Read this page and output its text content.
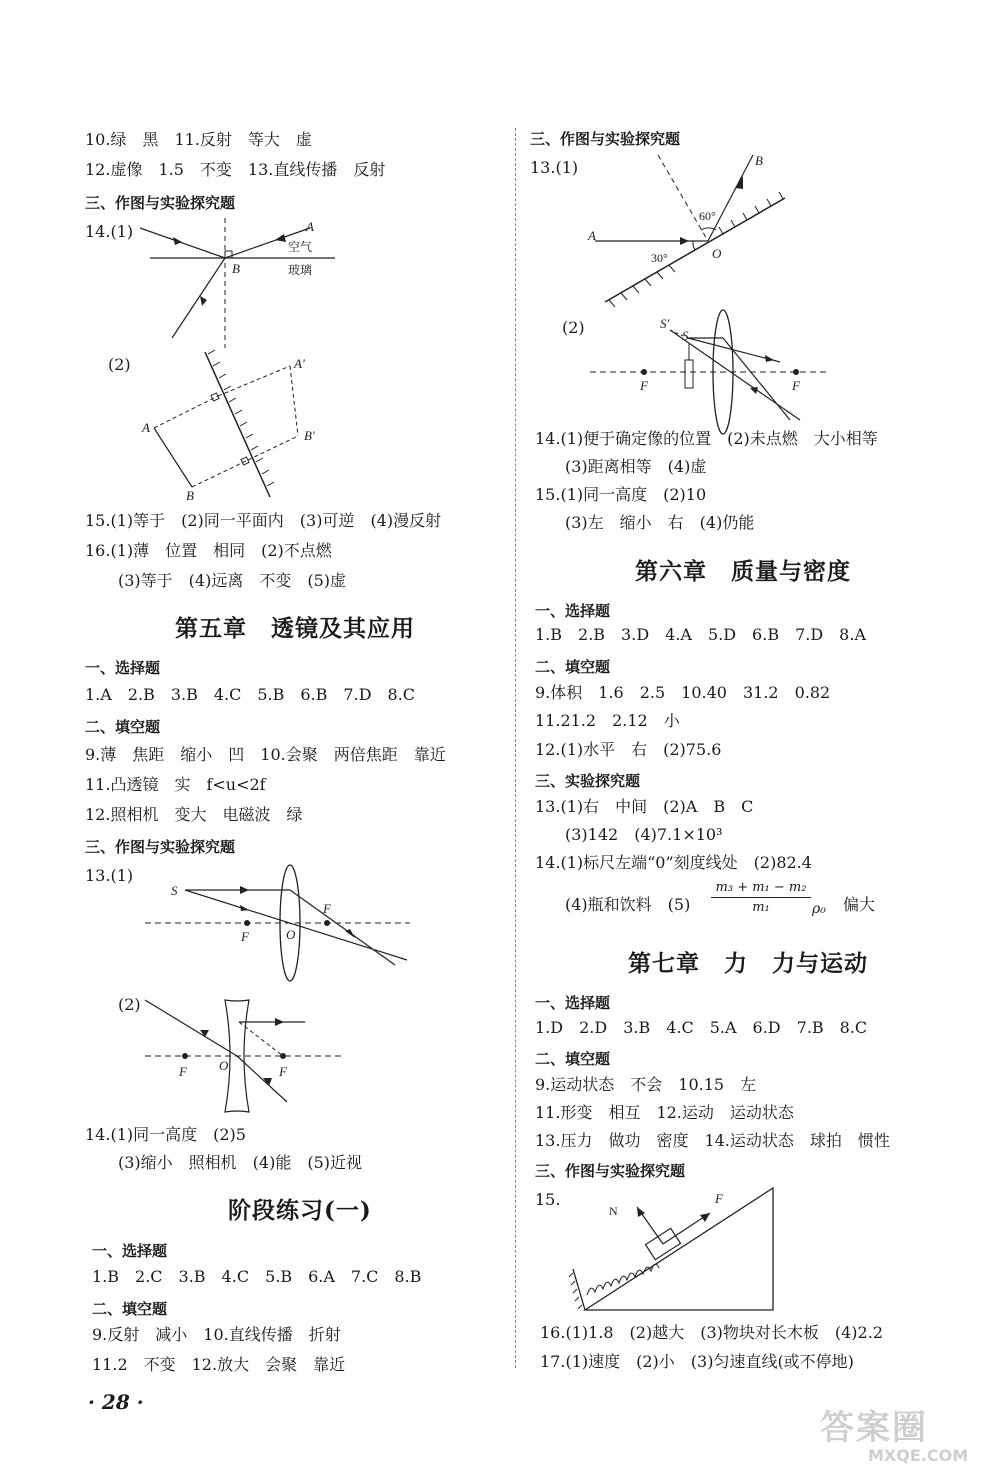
10.绿　黑　11.反射　等大　虚
12.虚像　1.5　不变　13.直线传播　反射
三、作图与实验探究题
14.(1)	A
B
空气
玻璃
(2)
A
B
A′
B′
15.(1)等于　(2)同一平面内　(3)可逆　(4)漫反射
16.(1)薄　位置　相同　(2)不点燃
(3)等于　(4)远离　不变　(5)虚
第五章　透镜及其应用
一、选择题
1.A　2.B　3.B　4.C　5.B　6.B　7.D　8.C
二、填空题
9.薄　焦距　缩小　凹　10.会聚　两倍焦距　靠近
11.凸透镜　实　f<u<2f
12.照相机　变大　电磁波　绿
三、作图与实验探究题
13.(1)
S
F	O
F
(2)
F O	F
14.(1)同一高度　(2)5
(3)缩小　照相机　(4)能　(5)近视
阶段练习(一)
一、选择题
1.B　2.C　3.B　4.C　5.B　6.A　7.C　8.B
二、填空题
9.反射　减小　10.直线传播　折射
11.2　不变　12.放大　会聚　靠近
· 28 ·
三、作图与实验探究题
13.(1)	B
A
O
60°
30°
(2)	S′
S
F	F
14.(1)便于确定像的位置　(2)未点燃　大小相等
(3)距离相等　(4)虚
15.(1)同一高度　(2)10
(3)左　缩小　右　(4)仍能
第六章　质量与密度
一、选择题
1.B　2.B　3.D　4.A　5.D　6.B　7.D　8.A
二、填空题
9.体积　1.6　2.5　10.40　31.2　0.82
11.21.2　2.12　小
12.(1)水平　右　(2)75.6
三、实验探究题
13.(1)右　中间　(2)A　B　C
(3)142　(4)7.1×10³
14.(1)标尺左端“0”刻度线处　(2)82.4
(4)瓶和饮料　$(5) \frac{\text{m₃ + m₁ − m₂}}{\text{m₁}} \rho_0$ 偏大
第七章　力　力与运动
一、选择题
1.D　2.D　3.B　4.C　5.A　6.D　7.B　8.C
二、填空题
9.运动状态　不会　10.15　左
11.形变　相互　12.运动　运动状态
13.压力　做功　密度　14.运动状态　球拍　惯性
三、作图与实验探究题
15.	F
N
16.(1)1.8　(2)越大　(3)物块对长木板　(4)2.2
17.(1)速度　(2)小　(3)匀速直线(或不停地)
答案圈
MXQE.COM
